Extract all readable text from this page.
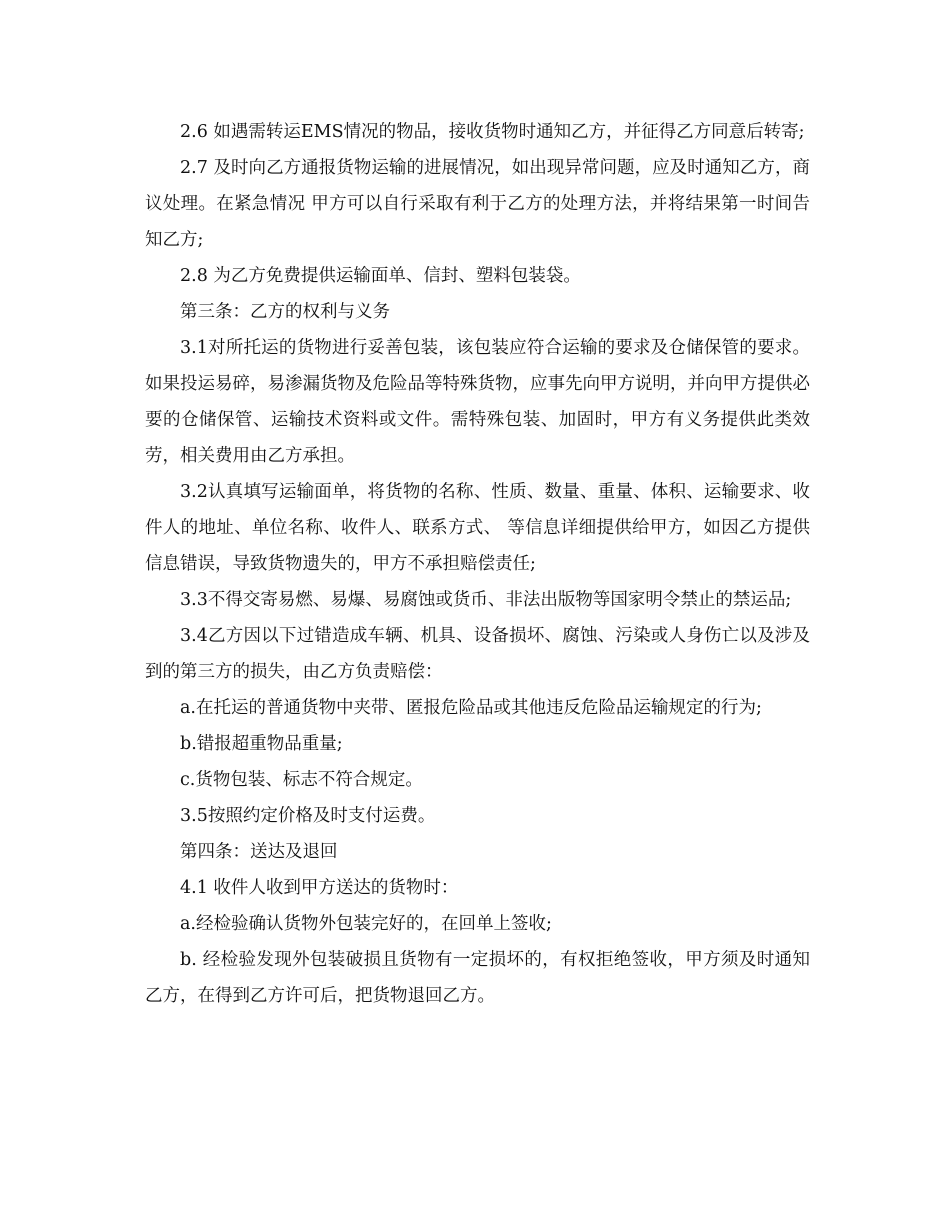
2.6 如遇需转运EMS情况的物品，接收货物时通知乙方，并征得乙方同意后转寄;

2.7 及时向乙方通报货物运输的进展情况，如出现异常问题，应及时通知乙方，商议处理。在紧急情况 甲方可以自行采取有利于乙方的处理方法，并将结果第一时间告知乙方;

2.8 为乙方免费提供运输面单、信封、塑料包装袋。

第三条：乙方的权利与义务

3.1对所托运的货物进行妥善包装，该包装应符合运输的要求及仓储保管的要求。 如果投运易碎，易渗漏货物及危险品等特殊货物，应事先向甲方说明，并向甲方提供必要的仓储保管、运输技术资料或文件。需特殊包装、加固时，甲方有义务提供此类效劳，相关费用由乙方承担。

3.2认真填写运输面单，将货物的名称、性质、数量、重量、体积、运输要求、收件人的地址、单位名称、收件人、联系方式、 等信息详细提供给甲方，如因乙方提供信息错误，导致货物遗失的，甲方不承担赔偿责任;

3.3不得交寄易燃、易爆、易腐蚀或货币、非法出版物等国家明令禁止的禁运品;

3.4乙方因以下过错造成车辆、机具、设备损坏、腐蚀、污染或人身伤亡以及涉及到的第三方的损失，由乙方负责赔偿：

a.在托运的普通货物中夹带、匿报危险品或其他违反危险品运输规定的行为;

b.错报超重物品重量;

c.货物包装、标志不符合规定。

3.5按照约定价格及时支付运费。

第四条：送达及退回

4.1 收件人收到甲方送达的货物时：

a.经检验确认货物外包装完好的，在回单上签收;

b. 经检验发现外包装破损且货物有一定损坏的，有权拒绝签收，甲方须及时通知乙方，在得到乙方许可后，把货物退回乙方。
